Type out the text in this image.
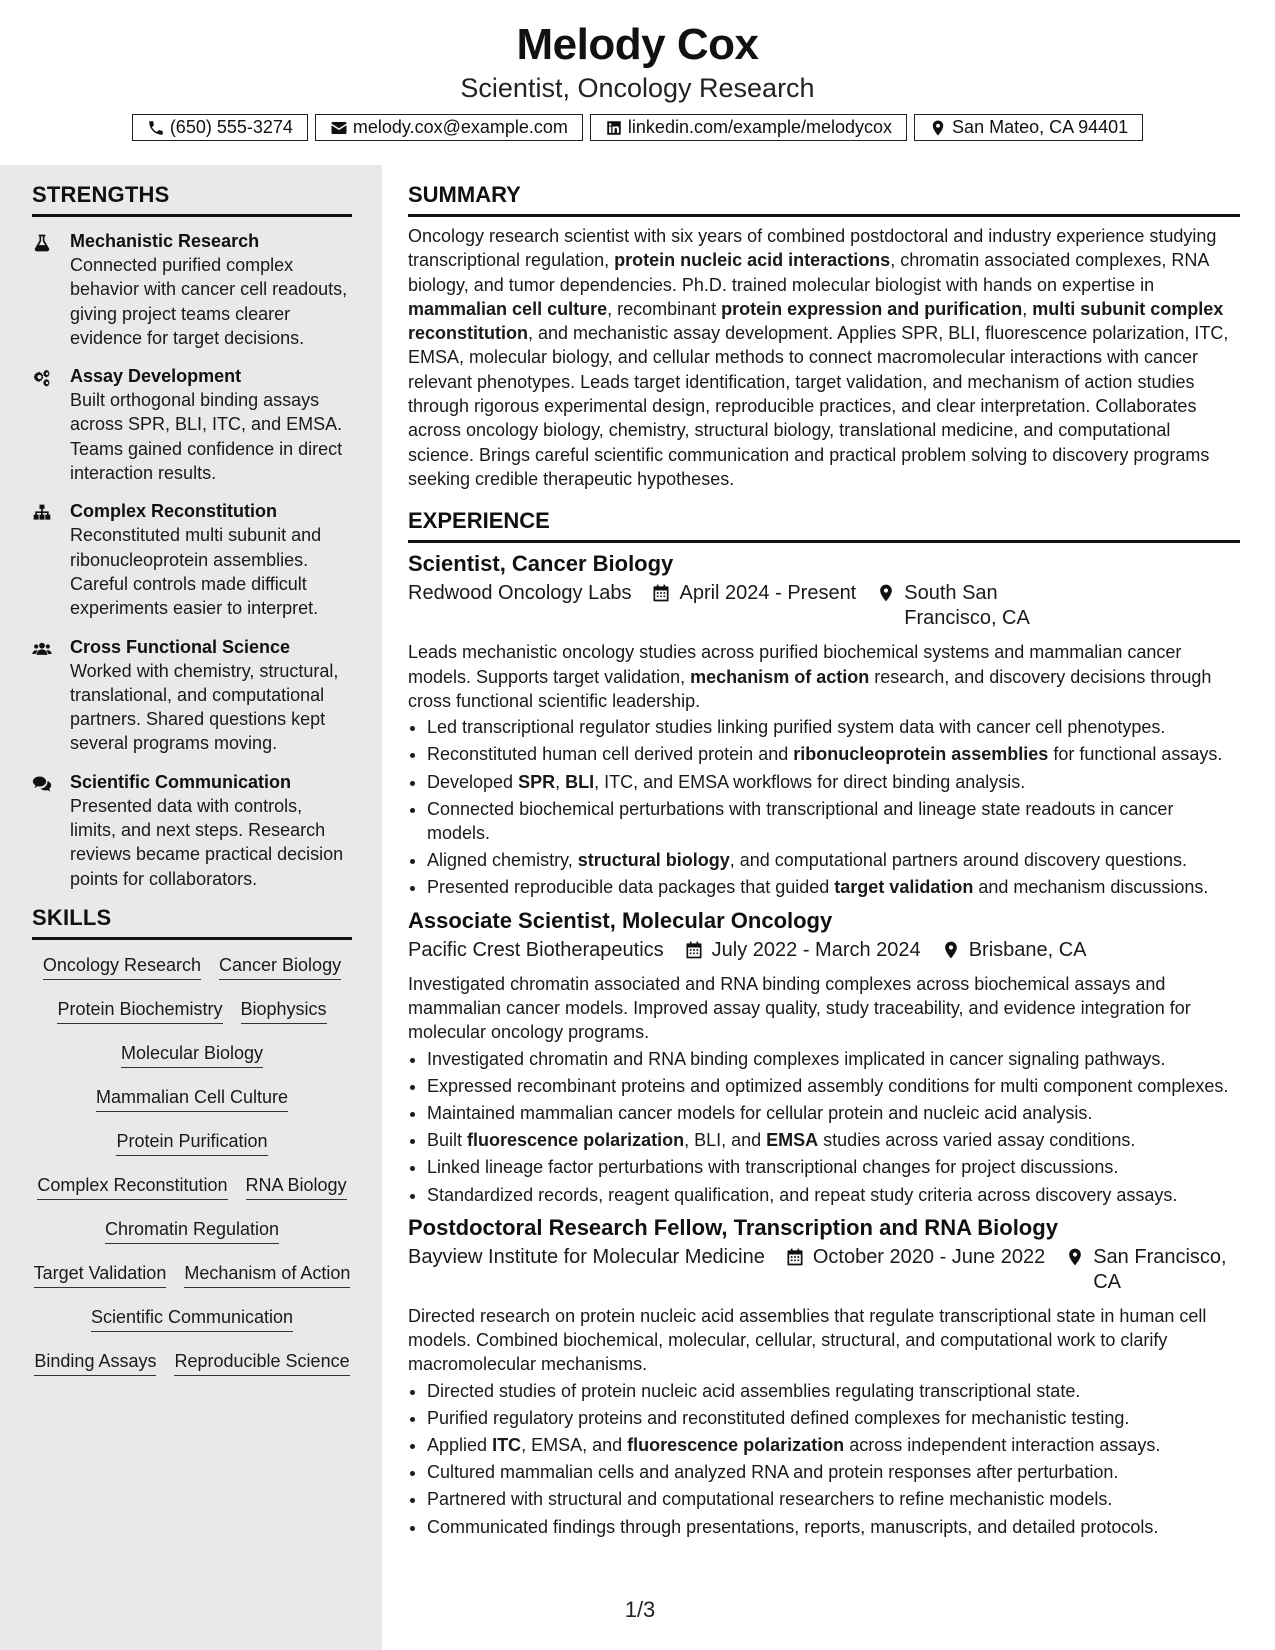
Melody Cox
Scientist, Oncology Research
(650) 555-3274	melody.cox@example.com	linkedin.com/example/melodycox	San Mateo, CA 94401
STRENGTHS
Mechanistic Research
Connected purified complex behavior with cancer cell readouts, giving project teams clearer evidence for target decisions.
Assay Development
Built orthogonal binding assays across SPR, BLI, ITC, and EMSA. Teams gained confidence in direct interaction results.
Complex Reconstitution
Reconstituted multi subunit and ribonucleoprotein assemblies. Careful controls made difficult experiments easier to interpret.
Cross Functional Science
Worked with chemistry, structural, translational, and computational partners. Shared questions kept several programs moving.
Scientific Communication
Presented data with controls, limits, and next steps. Research reviews became practical decision points for collaborators.
SKILLS
Oncology Research Cancer Biology
Protein Biochemistry Biophysics
Molecular Biology
Mammalian Cell Culture
Protein Purification
Complex Reconstitution RNA Biology
Chromatin Regulation
Target Validation Mechanism of Action
Scientific Communication
Binding Assays Reproducible Science
SUMMARY
Oncology research scientist with six years of combined postdoctoral and industry experience studying transcriptional regulation, protein nucleic acid interactions, chromatin associated complexes, RNA biology, and tumor dependencies. Ph.D. trained molecular biologist with hands on expertise in mammalian cell culture, recombinant protein expression and purification, multi subunit complex reconstitution, and mechanistic assay development. Applies SPR, BLI, fluorescence polarization, ITC, EMSA, molecular biology, and cellular methods to connect macromolecular interactions with cancer relevant phenotypes. Leads target identification, target validation, and mechanism of action studies through rigorous experimental design, reproducible practices, and clear interpretation. Collaborates across oncology biology, chemistry, structural biology, translational medicine, and computational science. Brings careful scientific communication and practical problem solving to discovery programs seeking credible therapeutic hypotheses.
EXPERIENCE
Scientist, Cancer Biology
Redwood Oncology Labs April 2024 - Present South San Francisco, CA
Leads mechanistic oncology studies across purified biochemical systems and mammalian cancer models. Supports target validation, mechanism of action research, and discovery decisions through cross functional scientific leadership.
• Led transcriptional regulator studies linking purified system data with cancer cell phenotypes.
• Reconstituted human cell derived protein and ribonucleoprotein assemblies for functional assays.
• Developed SPR, BLI, ITC, and EMSA workflows for direct binding analysis.
• Connected biochemical perturbations with transcriptional and lineage state readouts in cancer models.
• Aligned chemistry, structural biology, and computational partners around discovery questions.
• Presented reproducible data packages that guided target validation and mechanism discussions.
Associate Scientist, Molecular Oncology
Pacific Crest Biotherapeutics July 2022 - March 2024 Brisbane, CA
Investigated chromatin associated and RNA binding complexes across biochemical assays and mammalian cancer models. Improved assay quality, study traceability, and evidence integration for molecular oncology programs.
• Investigated chromatin and RNA binding complexes implicated in cancer signaling pathways.
• Expressed recombinant proteins and optimized assembly conditions for multi component complexes.
• Maintained mammalian cancer models for cellular protein and nucleic acid analysis.
• Built fluorescence polarization, BLI, and EMSA studies across varied assay conditions.
• Linked lineage factor perturbations with transcriptional changes for project discussions.
• Standardized records, reagent qualification, and repeat study criteria across discovery assays.
Postdoctoral Research Fellow, Transcription and RNA Biology
Bayview Institute for Molecular Medicine October 2020 - June 2022 San Francisco, CA
Directed research on protein nucleic acid assemblies that regulate transcriptional state in human cell models. Combined biochemical, molecular, cellular, structural, and computational work to clarify macromolecular mechanisms.
• Directed studies of protein nucleic acid assemblies regulating transcriptional state.
• Purified regulatory proteins and reconstituted defined complexes for mechanistic testing.
• Applied ITC, EMSA, and fluorescence polarization across independent interaction assays.
• Cultured mammalian cells and analyzed RNA and protein responses after perturbation.
• Partnered with structural and computational researchers to refine mechanistic models.
• Communicated findings through presentations, reports, manuscripts, and detailed protocols.
1/3
